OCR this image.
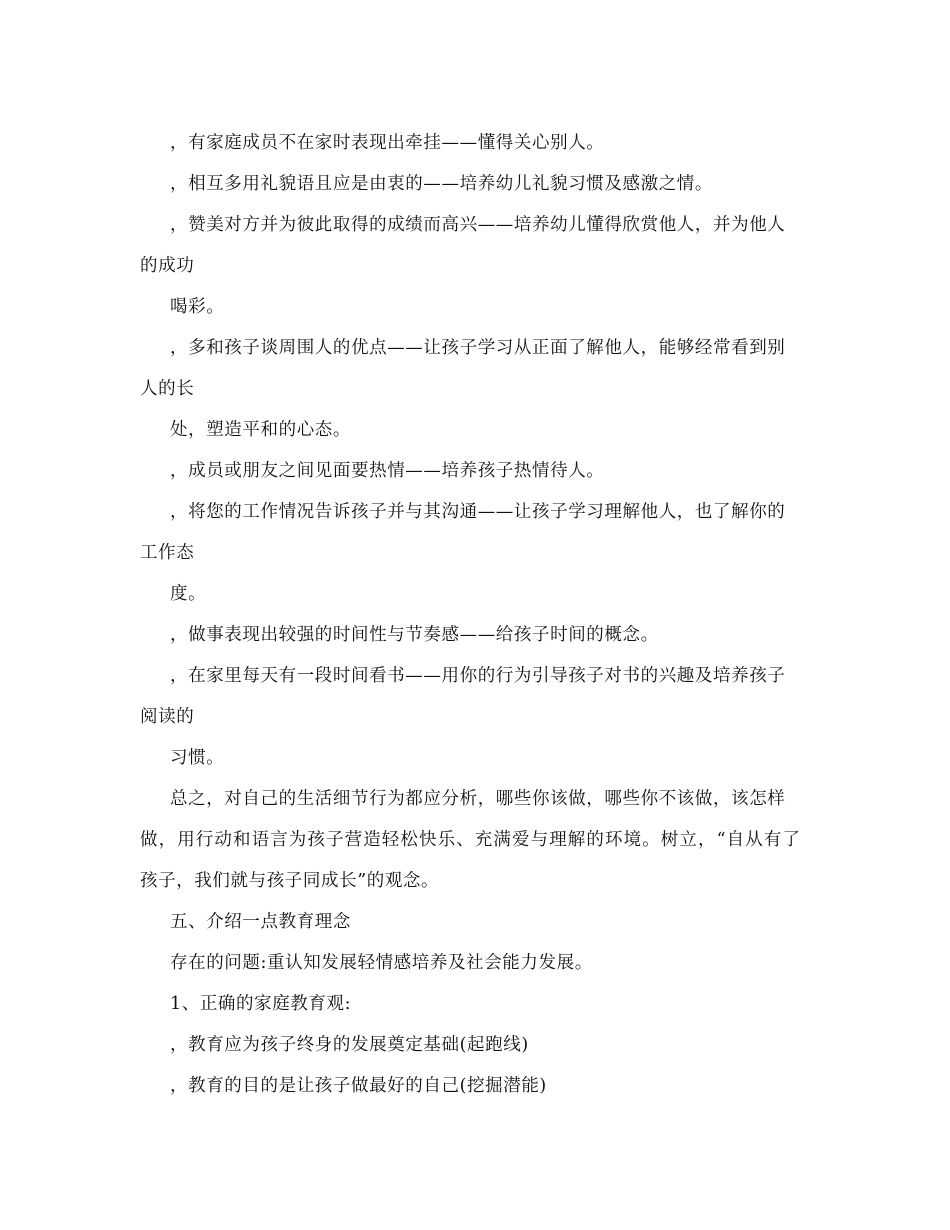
，有家庭成员不在家时表现出牵挂——懂得关心别人。
，相互多用礼貌语且应是由衷的——培养幼儿礼貌习惯及感激之情。
，赞美对方并为彼此取得的成绩而高兴——培养幼儿懂得欣赏他人，并为他人
的成功
喝彩。
，多和孩子谈周围人的优点——让孩子学习从正面了解他人，能够经常看到别
人的长
处，塑造平和的心态。
，成员或朋友之间见面要热情——培养孩子热情待人。
，将您的工作情况告诉孩子并与其沟通——让孩子学习理解他人，也了解你的
工作态
度。
，做事表现出较强的时间性与节奏感——给孩子时间的概念。
，在家里每天有一段时间看书——用你的行为引导孩子对书的兴趣及培养孩子
阅读的
习惯。
总之，对自己的生活细节行为都应分析，哪些你该做，哪些你不该做，该怎样
做，用行动和语言为孩子营造轻松快乐、充满爱与理解的环境。树立，“自从有了
孩子，我们就与孩子同成长”的观念。
五、介绍一点教育理念
存在的问题:重认知发展轻情感培养及社会能力发展。
1、正确的家庭教育观:
，教育应为孩子终身的发展奠定基础(起跑线)
，教育的目的是让孩子做最好的自己(挖掘潜能)
